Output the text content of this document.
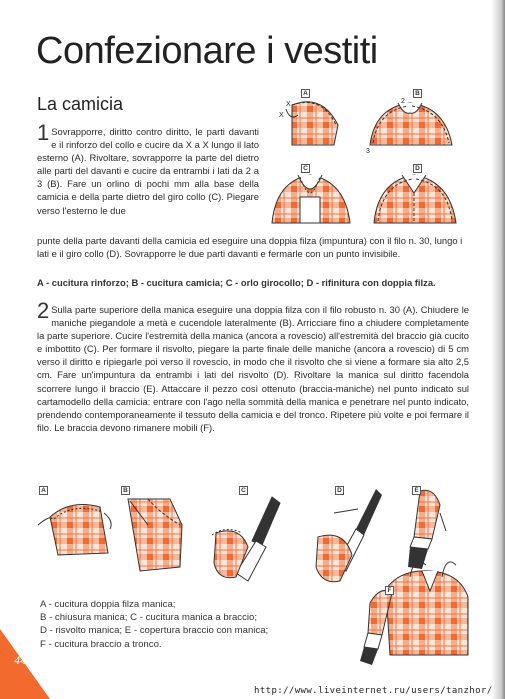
Confezionare i vestiti
La camicia
1 Sovrapporre, diritto contro diritto, le parti davanti e il rinforzo del collo e cucire da X a X lungo il lato esterno (A). Rivoltare, sovrapporre la parte del dietro alle parti del davanti e cucire da entrambi i lati da 2 a 3 (B). Fare un orlino di pochi mm alla base della camicia e della parte dietro del giro collo (C). Piegare verso l'esterno le due
punte della parte davanti della camicia ed eseguire una doppia filza (impuntura) con il filo n. 30, lungo i lati e il giro collo (D). Sovrapporre le due parti davanti e fermarle con un punto invisibile.
A - cucitura rinforzo; B - cucitura camicia; C - orlo girocollo; D - rifinitura con doppia filza.
A	B
C	D
X
X
2
3
2 Sulla parte superiore della manica eseguire una doppia filza con il filo robusto n. 30 (A). Chiudere le maniche piegandole a metà e cucendole lateralmente (B). Arricciare fino a chiudere completamente la parte superiore. Cucire l'estremità della manica (ancora a rovescio) all'estremità del braccio già cucito e imbottito (C). Per formare il risvolto, piegare la parte finale delle maniche (ancora a rovescio) di 5 cm verso il diritto e ripiegarle poi verso il rovescio, in modo che il risvolto che si viene a formare sia alto 2,5 cm. Fare un'impuntura da entrambi i lati del risvolto (D). Rivoltare la manica sul diritto facendola scorrere lungo il braccio (E). Attaccare il pezzo così ottenuto (braccia-maniche) nel punto indicato sul cartamodello della camicia: entrare con l'ago nella sommità della manica e penetrare nel punto indicato, prendendo contemporaneamente il tessuto della camicia e del tronco. Ripetere più volte e poi fermare il filo. Le braccia devono rimanere mobili (F).
A	B	C	D	E
F
A - cucitura doppia filza manica;
B - chiusura manica; C - cucitura manica a braccio;
D - risvolto manica; E - copertura braccio con manica;
F - cucitura braccio a tronco.
44
http://www.liveinternet.ru/users/tanzhor/
